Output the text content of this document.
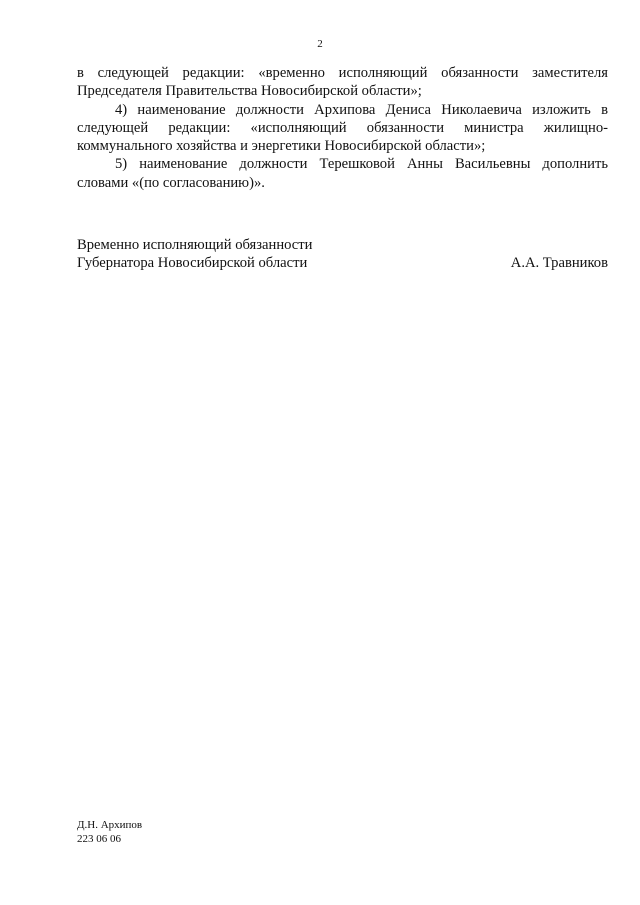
2

в следующей редакции: «временно исполняющий обязанности заместителя Председателя Правительства Новосибирской области»;

4) наименование должности Архипова Дениса Николаевича изложить в следующей редакции: «исполняющий обязанности министра жилищно-коммунального хозяйства и энергетики Новосибирской области»;

5) наименование должности Терешковой Анны Васильевны дополнить словами «(по согласованию)».

Временно исполняющий обязанности
Губернатора Новосибирской области	А.А. Травников
Д.Н. Архипов
223 06 06
